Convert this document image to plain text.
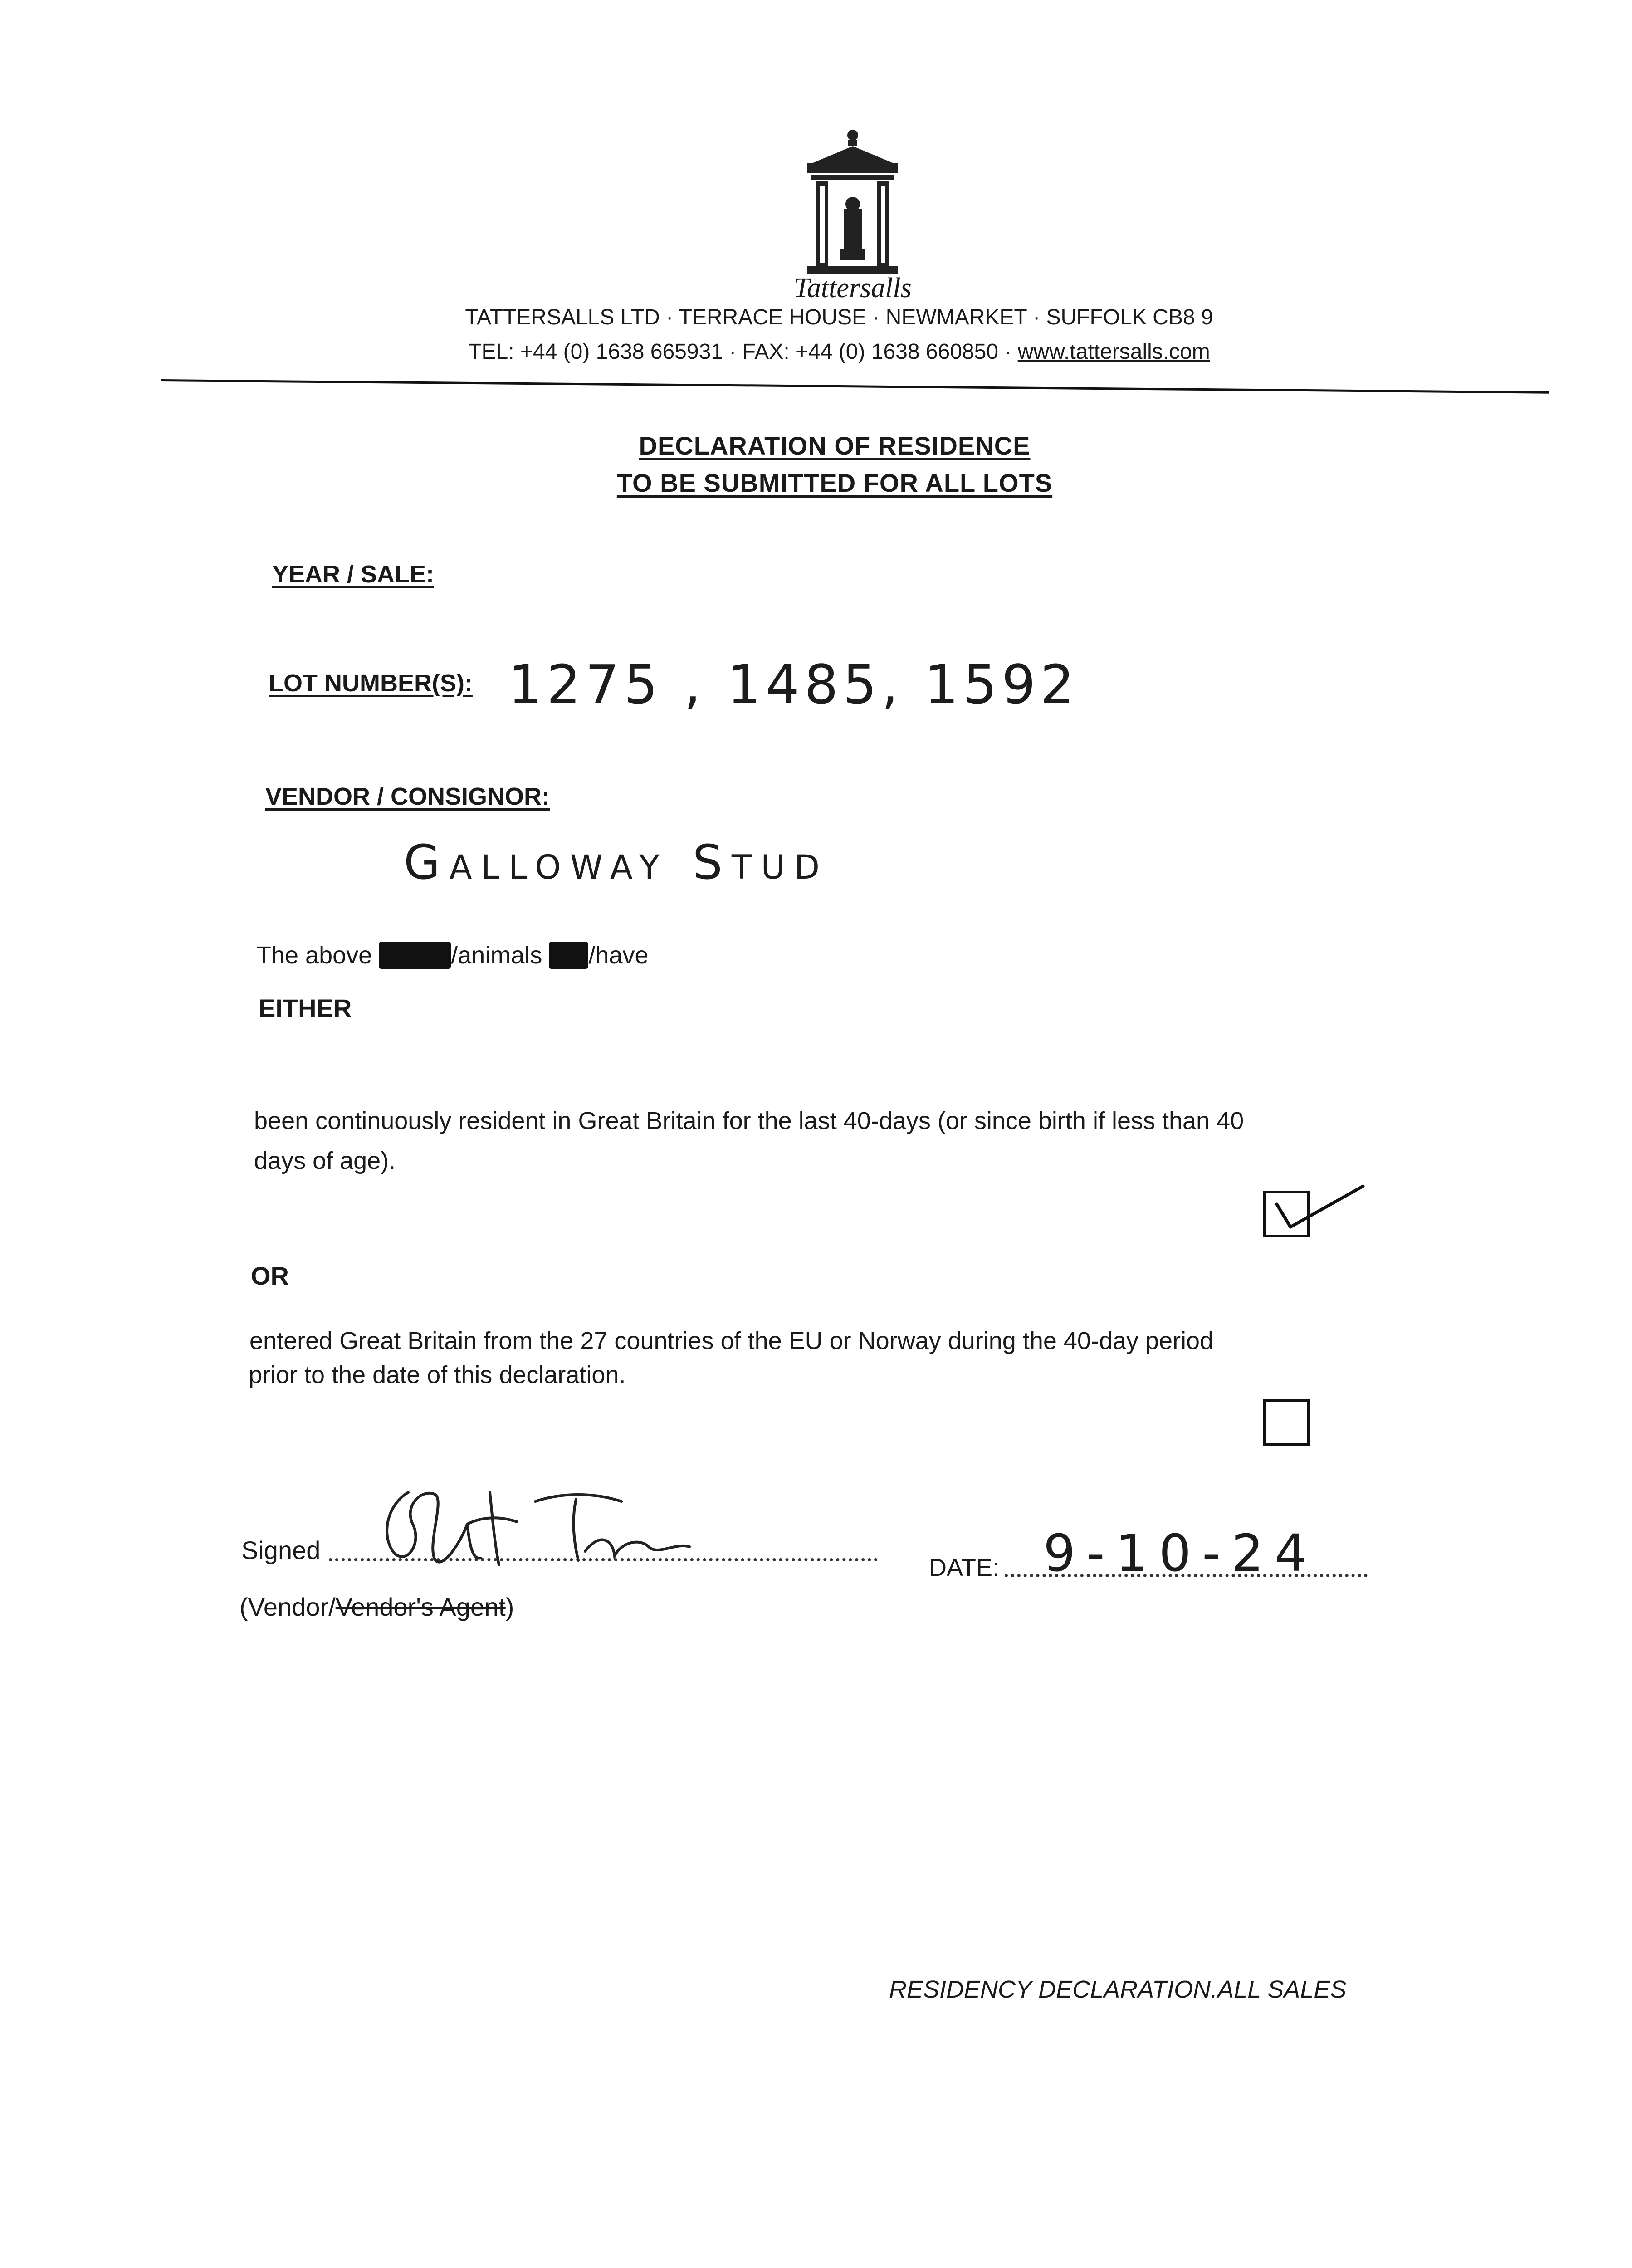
Tattersalls
TATTERSALLS LTD · TERRACE HOUSE · NEWMARKET · SUFFOLK CB8 9
TEL: +44 (0) 1638 665931 · FAX: +44 (0) 1638 660850 · www.tattersalls.com
DECLARATION OF RESIDENCE
TO BE SUBMITTED FOR ALL LOTS
YEAR / SALE:
LOT NUMBER(S): 1275 , 1485, 1592
VENDOR / CONSIGNOR:
Galloway Stud
The above animal/animals has/have
EITHER
been continuously resident in Great Britain for the last 40-days (or since birth if less than 40
days of age).
OR
entered Great Britain from the 27 countries of the EU or Norway during the 40-day period
prior to the date of this declaration.
Signed
DATE: 9-10-24
(Vendor/Vendor's Agent)
RESIDENCY DECLARATION.ALL SALES
